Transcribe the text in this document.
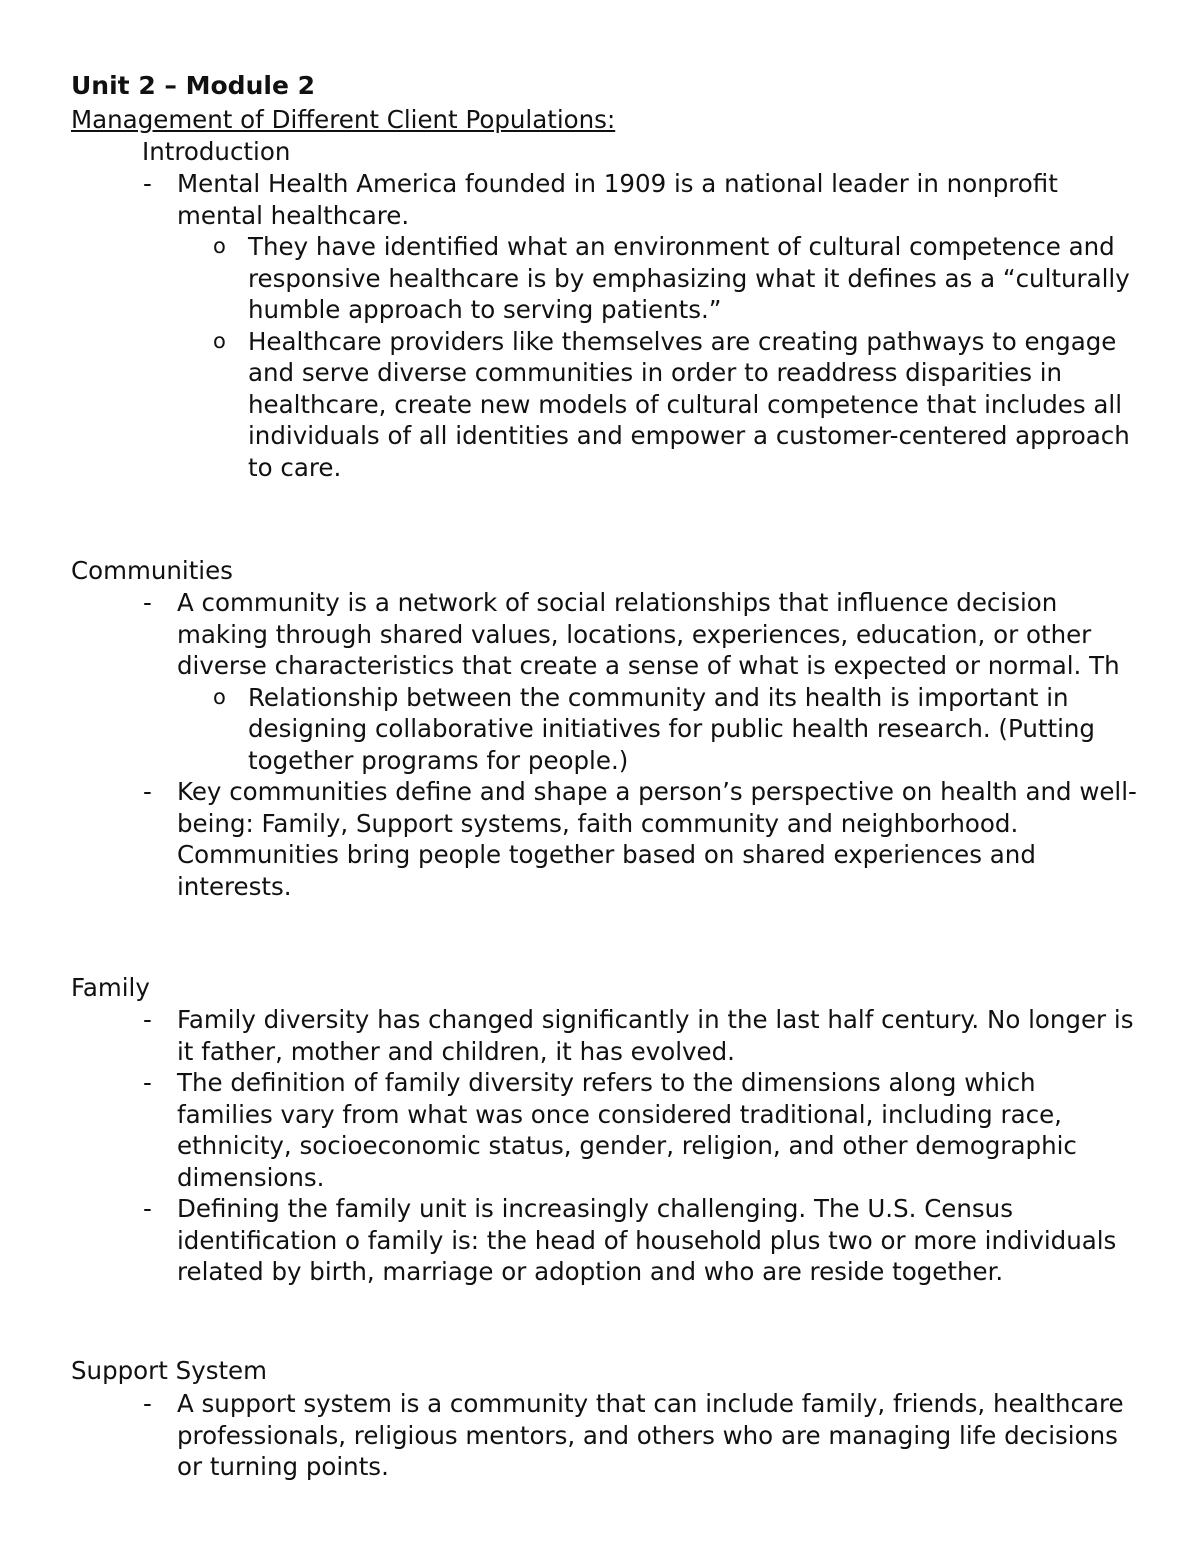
Unit 2 – Module 2
Management of Different Client Populations:
Introduction
- Mental Health America founded in 1909 is a national leader in nonprofit mental healthcare.
o They have identified what an environment of cultural competence and responsive healthcare is by emphasizing what it defines as a “culturally humble approach to serving patients.”
o Healthcare providers like themselves are creating pathways to engage and serve diverse communities in order to readdress disparities in healthcare, create new models of cultural competence that includes all individuals of all identities and empower a customer-centered approach to care.
Communities
- A community is a network of social relationships that influence decision making through shared values, locations, experiences, education, or other diverse characteristics that create a sense of what is expected or normal. Th
o Relationship between the community and its health is important in designing collaborative initiatives for public health research. (Putting together programs for people.)
- Key communities define and shape a person’s perspective on health and well-being: Family, Support systems, faith community and neighborhood. Communities bring people together based on shared experiences and interests.
Family
- Family diversity has changed significantly in the last half century. No longer is it father, mother and children, it has evolved.
- The definition of family diversity refers to the dimensions along which families vary from what was once considered traditional, including race, ethnicity, socioeconomic status, gender, religion, and other demographic dimensions.
- Defining the family unit is increasingly challenging. The U.S. Census identification o family is: the head of household plus two or more individuals related by birth, marriage or adoption and who are reside together.
Support System
- A support system is a community that can include family, friends, healthcare professionals, religious mentors, and others who are managing life decisions or turning points.
